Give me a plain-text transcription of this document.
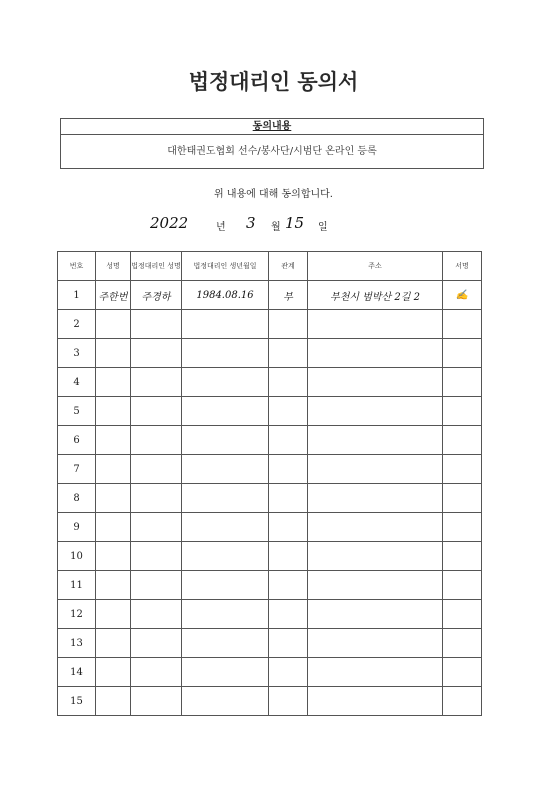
법정대리인 동의서
동의내용
대한태권도협회 선수/봉사단/시범단 온라인 등록
위 내용에 대해 동의합니다.
2022	년 3 월 15 일
번호	성명	법정대리인 성명	법정대리인 생년월일	관계	주소	서명
1	주한번	주경하	1984.08.16	부	부천시 범박산 2길 2	✍
2						
3						
4						
5						
6						
7						
8						
9						
10						
11						
12						
13						
14						
15						
